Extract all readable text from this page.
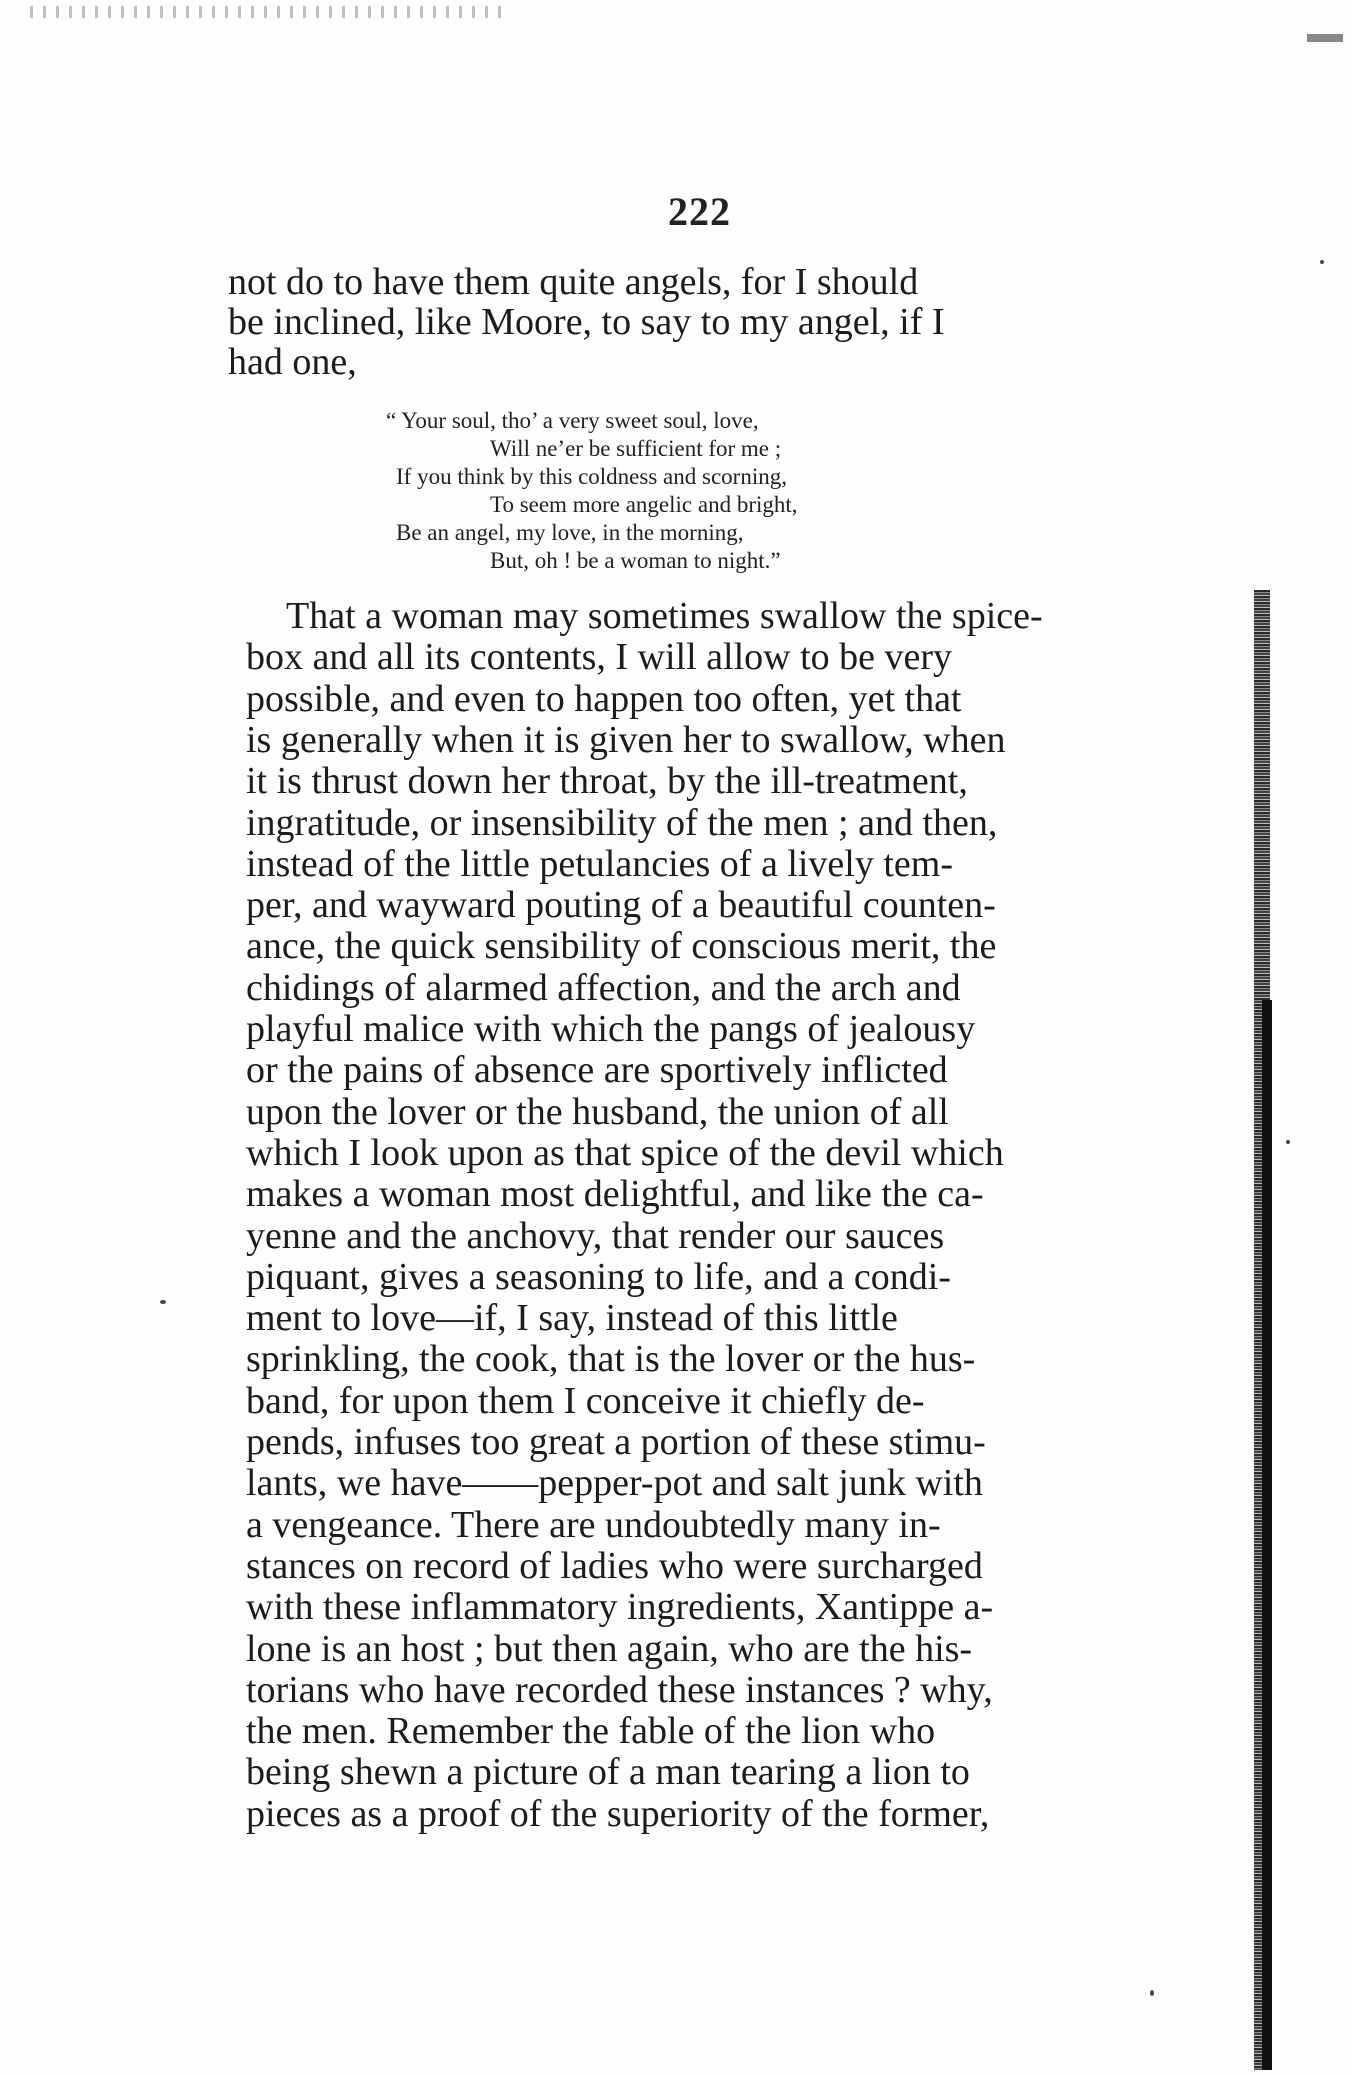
222
not do to have them quite angels, for I should
be inclined, like Moore, to say to my angel, if I
had one,
“ Your soul, tho’ a very sweet soul, love,
Will ne’er be sufficient for me ;
If you think by this coldness and scorning,
To seem more angelic and bright,
Be an angel, my love, in the morning,
But, oh ! be a woman to night.”
That a woman may sometimes swallow the spice-
box and all its contents, I will allow to be very
possible, and even to happen too often, yet that
is generally when it is given her to swallow, when
it is thrust down her throat, by the ill-treatment,
ingratitude, or insensibility of the men ; and then,
instead of the little petulancies of a lively tem-
per, and wayward pouting of a beautiful counten-
ance, the quick sensibility of conscious merit, the
chidings of alarmed affection, and the arch and
playful malice with which the pangs of jealousy
or the pains of absence are sportively inflicted
upon the lover or the husband, the union of all
which I look upon as that spice of the devil which
makes a woman most delightful, and like the ca-
yenne and the anchovy, that render our sauces
piquant, gives a seasoning to life, and a condi-
ment to love—if, I say, instead of this little
sprinkling, the cook, that is the lover or the hus-
band, for upon them I conceive it chiefly de-
pends, infuses too great a portion of these stimu-
lants, we have——pepper-pot and salt junk with
a vengeance. There are undoubtedly many in-
stances on record of ladies who were surcharged
with these inflammatory ingredients, Xantippe a-
lone is an host ; but then again, who are the his-
torians who have recorded these instances ? why,
the men. Remember the fable of the lion who
being shewn a picture of a man tearing a lion to
pieces as a proof of the superiority of the former,
